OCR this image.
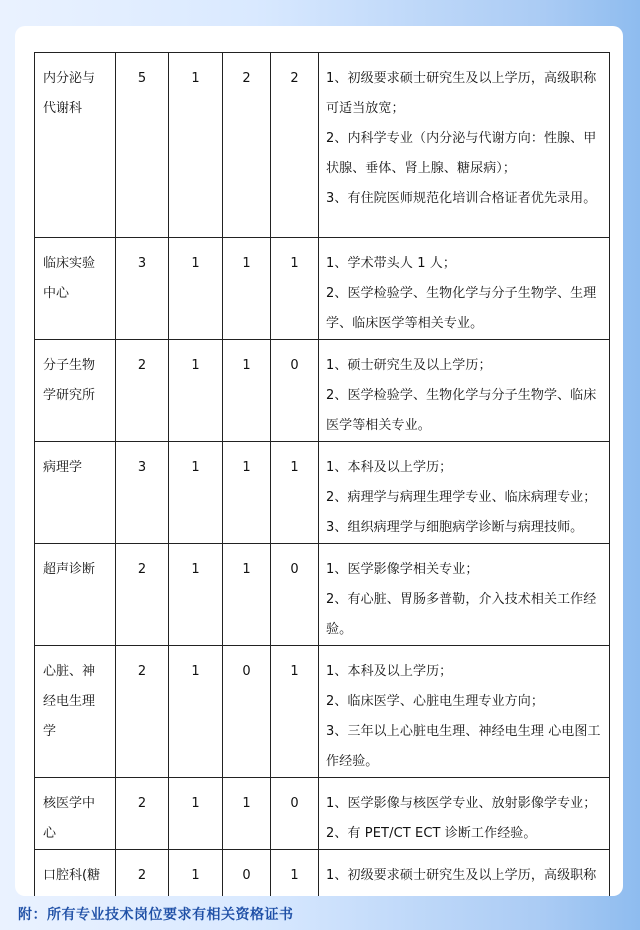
内分泌与代谢科	5	1	2	2	1、初级要求硕士研究生及以上学历，高级职称可适当放宽；
2、内科学专业（内分泌与代谢方向：性腺、甲状腺、垂体、肾上腺、糖尿病）；
3、有住院医师规范化培训合格证者优先录用。

临床实验中心	3	1	1	1	1、学术带头人 1 人；
2、医学检验学、生物化学与分子生物学、生理学、临床医学等相关专业。

分子生物学研究所	2	1	1	0	1、硕士研究生及以上学历；
2、医学检验学、生物化学与分子生物学、临床医学等相关专业。

病理学	3	1	1	1	1、本科及以上学历；
2、病理学与病理生理学专业、临床病理专业；
3、组织病理学与细胞病学诊断与病理技师。

超声诊断	2	1	1	0	1、医学影像学相关专业；
2、有心脏、胃肠多普勒，介入技术相关工作经验。

心脏、神经电生理学	2	1	0	1	1、本科及以上学历；
2、临床医学、心脏电生理专业方向；
3、三年以上心脏电生理、神经电生理 心电图工作经验。

核医学中心	2	1	1	0	1、医学影像与核医学专业、放射影像学专业；
2、有 PET/CT ECT 诊断工作经验。

口腔科(糖	2	1	0	1	1、初级要求硕士研究生及以上学历，高级职称
附：所有专业技术岗位要求有相关资格证书
